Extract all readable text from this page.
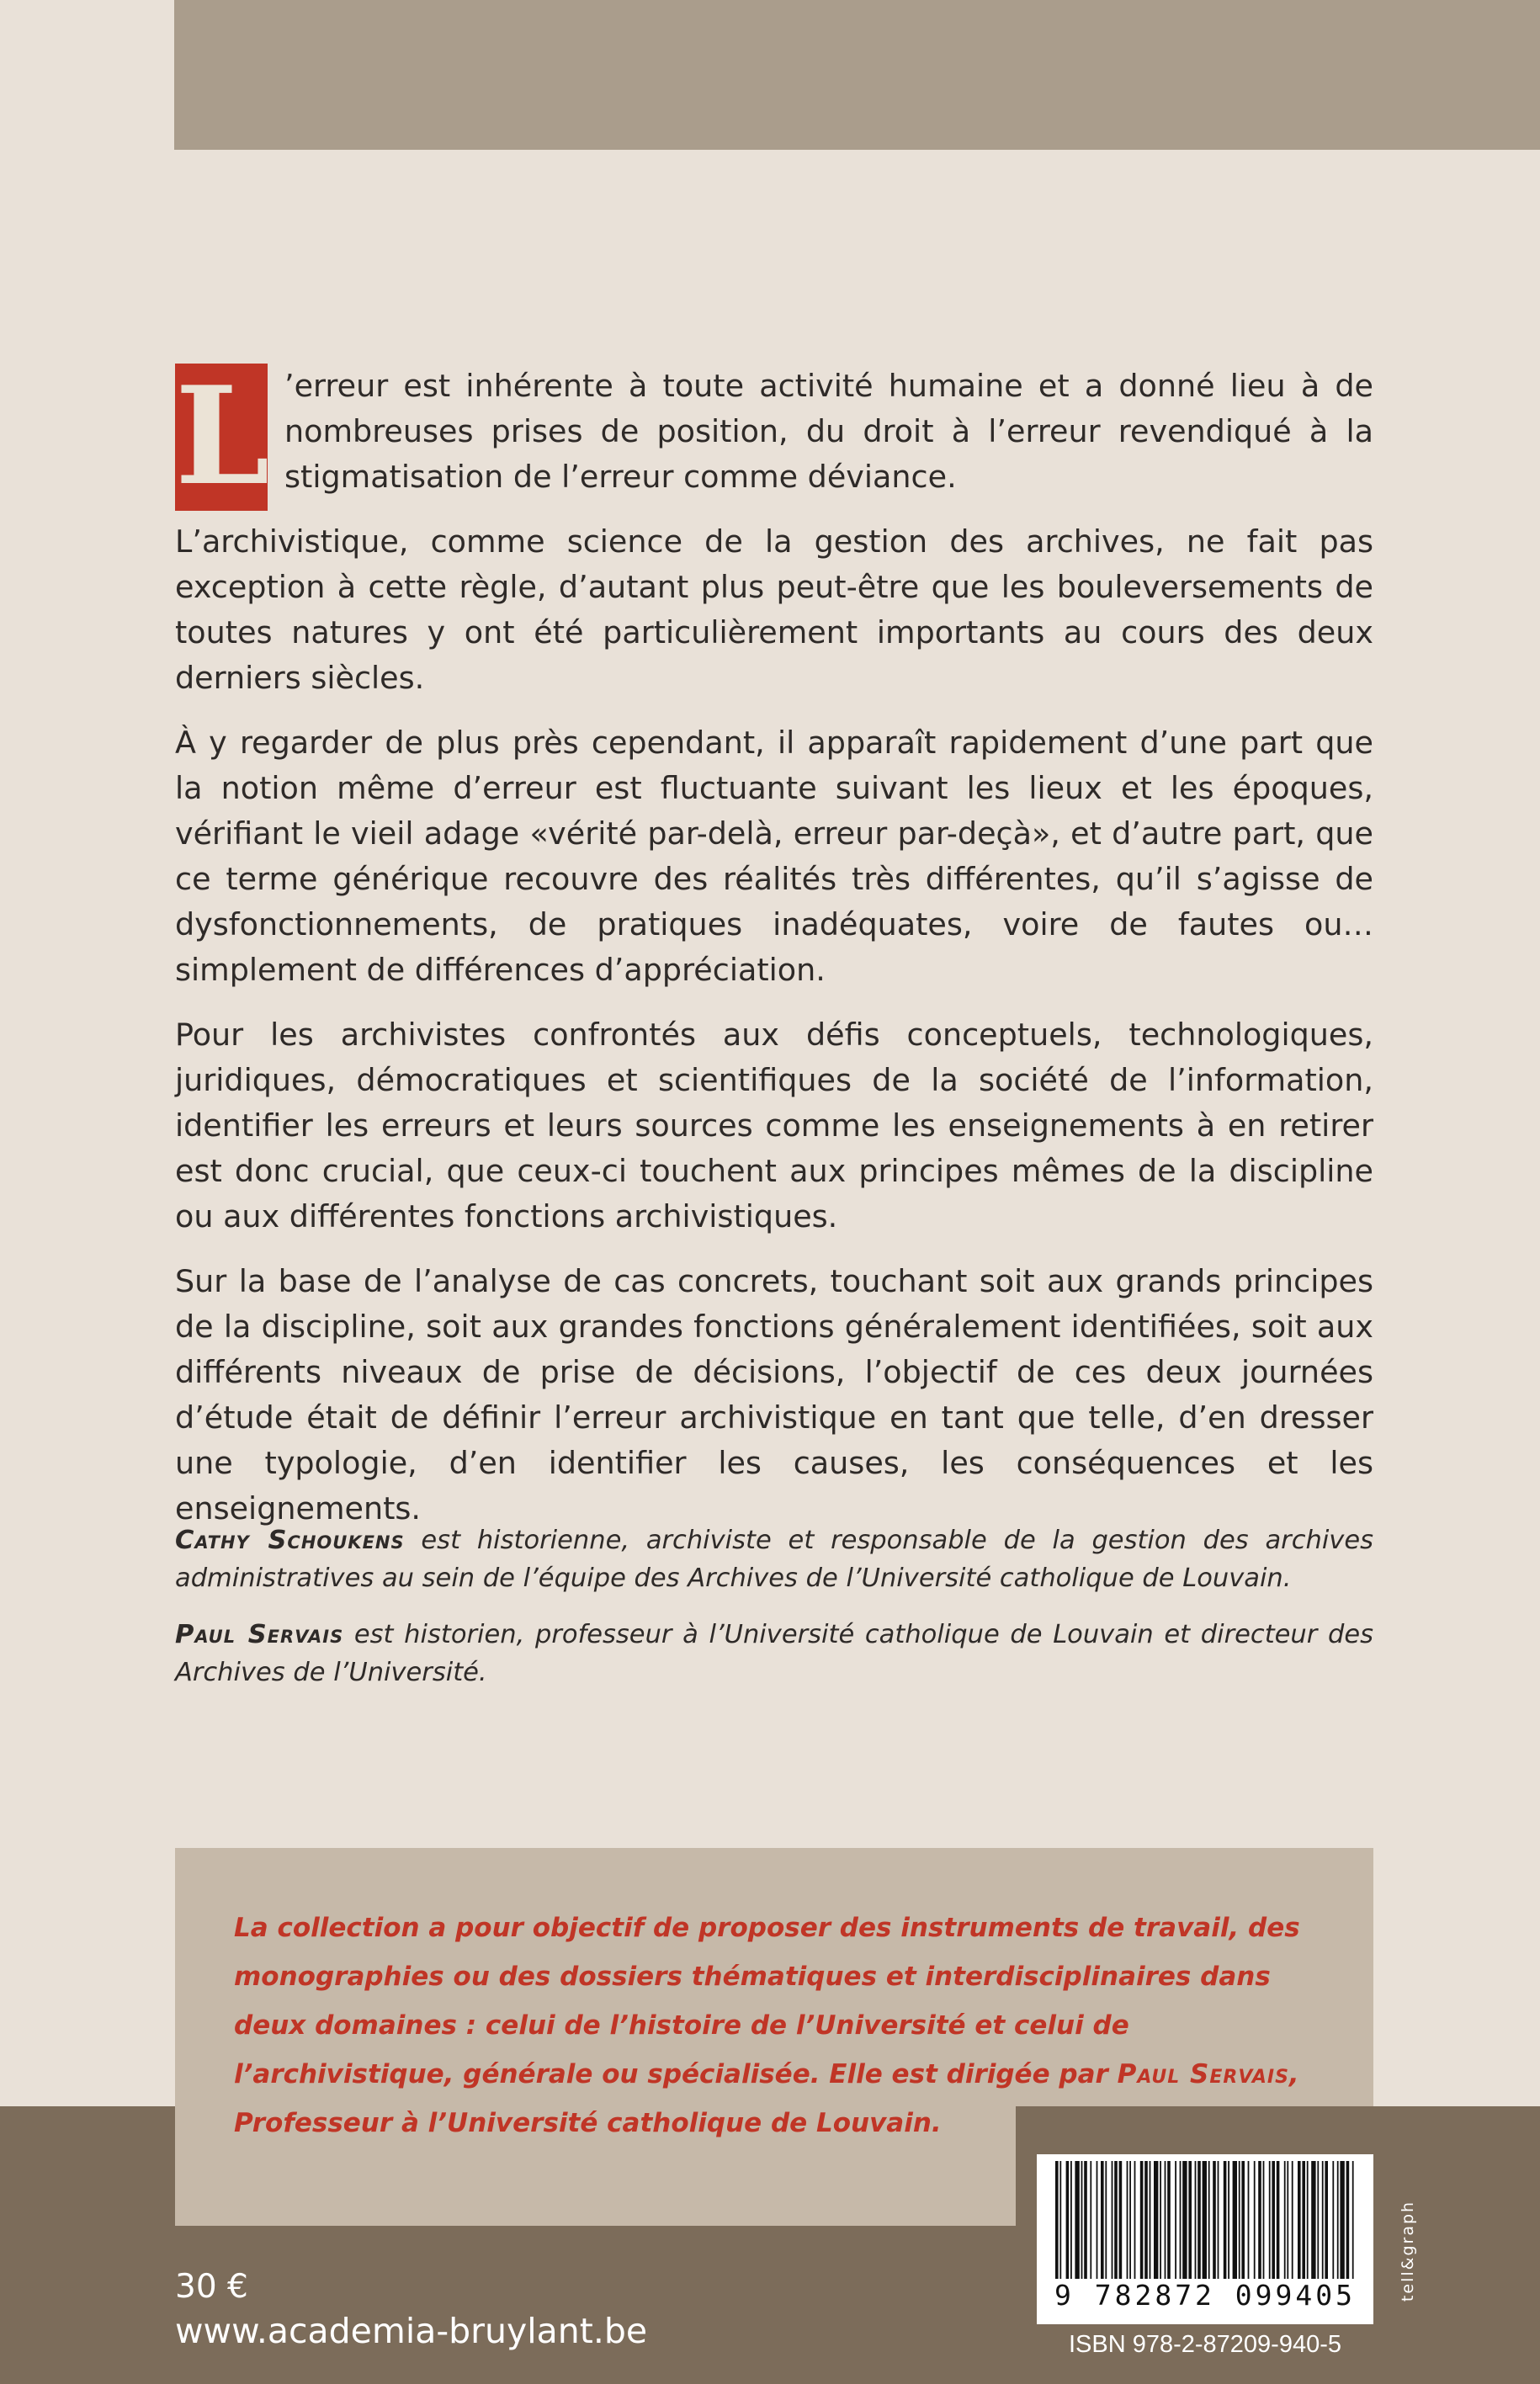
L ’erreur est inhérente à toute activité humaine et a donné lieu à de nombreuses prises de position, du droit à l’erreur revendiqué à la stigmatisation de l’erreur comme déviance.

L’archivistique, comme science de la gestion des archives, ne fait pas exception à cette règle, d’autant plus peut-être que les bouleversements de toutes natures y ont été particulièrement importants au cours des deux derniers siècles.

À y regarder de plus près cependant, il apparaît rapidement d’une part que la notion même d’erreur est fluctuante suivant les lieux et les époques, vérifiant le vieil adage «vérité par-delà, erreur par-deçà», et d’autre part, que ce terme générique recouvre des réalités très différentes, qu’il s’agisse de dysfonctionnements, de pratiques inadéquates, voire de fautes ou… simplement de différences d’appréciation.

Pour les archivistes confrontés aux défis conceptuels, technologiques, juridiques, démocratiques et scientifiques de la société de l’information, identifier les erreurs et leurs sources comme les enseignements à en retirer est donc crucial, que ceux-ci touchent aux principes mêmes de la discipline ou aux différentes fonctions archivistiques.

Sur la base de l’analyse de cas concrets, touchant soit aux grands principes de la discipline, soit aux grandes fonctions généralement identifiées, soit aux différents niveaux de prise de décisions, l’objectif de ces deux journées d’étude était de définir l’erreur archivistique en tant que telle, d’en dresser une typologie, d’en identifier les causes, les conséquences et les enseignements.

Cathy Schoukens est historienne, archiviste et responsable de la gestion des archives administratives au sein de l’équipe des Archives de l’Université catholique de Louvain.

Paul Servais est historien, professeur à l’Université catholique de Louvain et directeur des Archives de l’Université.

La collection a pour objectif de proposer des instruments de travail, des monographies ou des dossiers thématiques et interdisciplinaires dans deux domaines : celui de l’histoire de l’Université et celui de l’archivistique, générale ou spécialisée. Elle est dirigée par Paul Servais, Professeur à l’Université catholique de Louvain.
30 €
www.academia-bruylant.be
9 782872 099405
ISBN 978-2-87209-940-5
tell&graph
